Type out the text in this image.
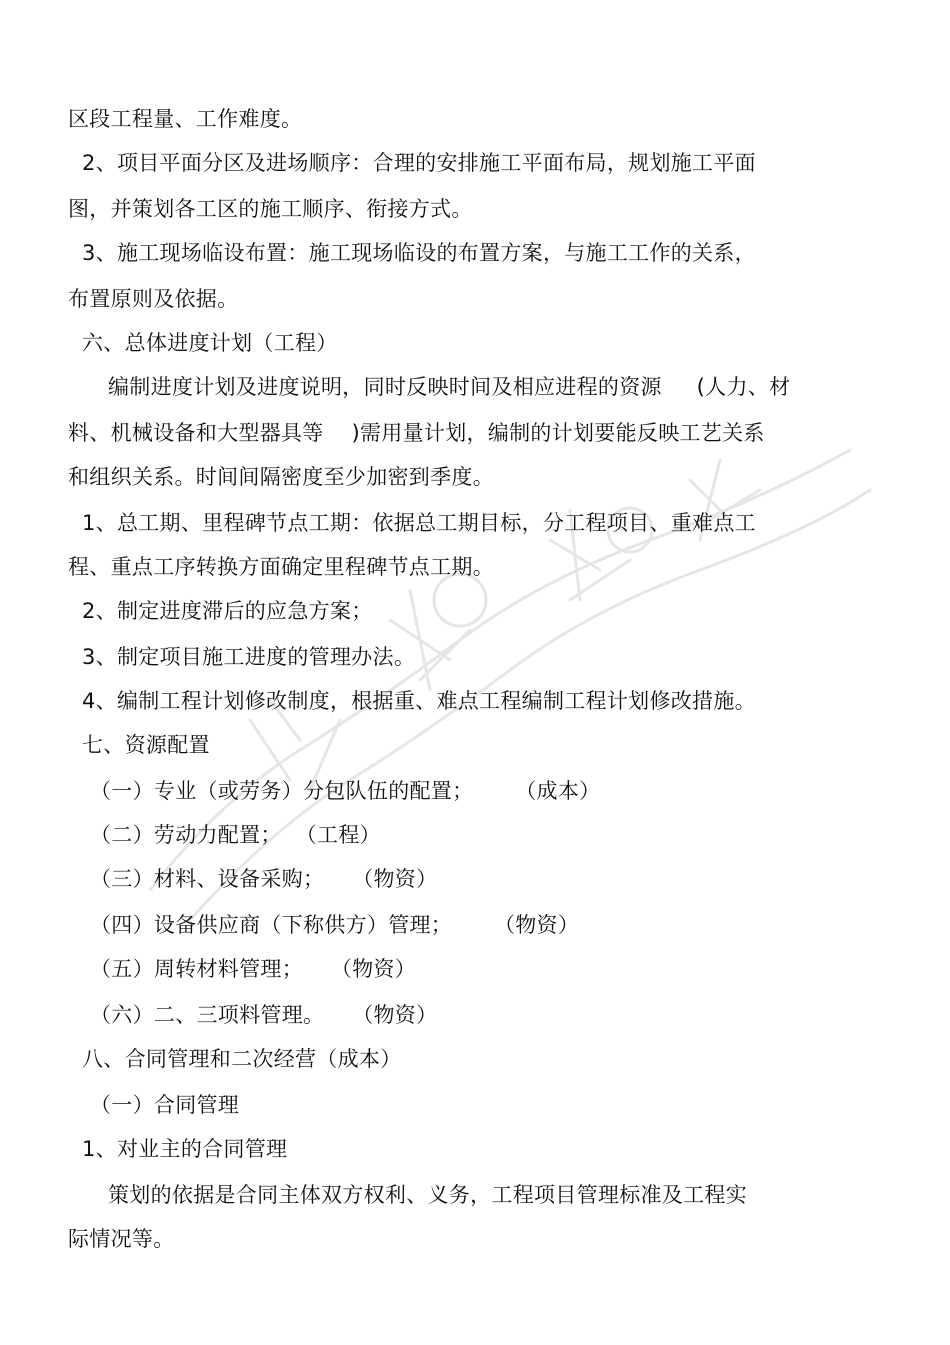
区段工程量、工作难度。
2、项目平面分区及进场顺序：合理的安排施工平面布局，规划施工平面
图，并策划各工区的施工顺序、衔接方式。
3、施工现场临设布置：施工现场临设的布置方案，与施工工作的关系，
布置原则及依据。
六、总体进度计划（工程）
编制进度计划及进度说明，同时反映时间及相应进程的资源     (人力、材
料、机械设备和大型器具等    )需用量计划，编制的计划要能反映工艺关系
和组织关系。时间间隔密度至少加密到季度。
1、总工期、里程碑节点工期：依据总工期目标，分工程项目、重难点工
程、重点工序转换方面确定里程碑节点工期。
2、制定进度滞后的应急方案；
3、制定项目施工进度的管理办法。
4、编制工程计划修改制度，根据重、难点工程编制工程计划修改措施。
七、资源配置
（一）专业（或劳务）分包队伍的配置；      （成本）
（二）劳动力配置；  （工程）
（三）材料、设备采购；    （物资）
（四）设备供应商（下称供方）管理；      （物资）
（五）周转材料管理；    （物资）
（六）二、三项料管理。    （物资）
八、合同管理和二次经营（成本）
（一）合同管理
1、对业主的合同管理
策划的依据是合同主体双方权利、义务，工程项目管理标准及工程实
际情况等。
